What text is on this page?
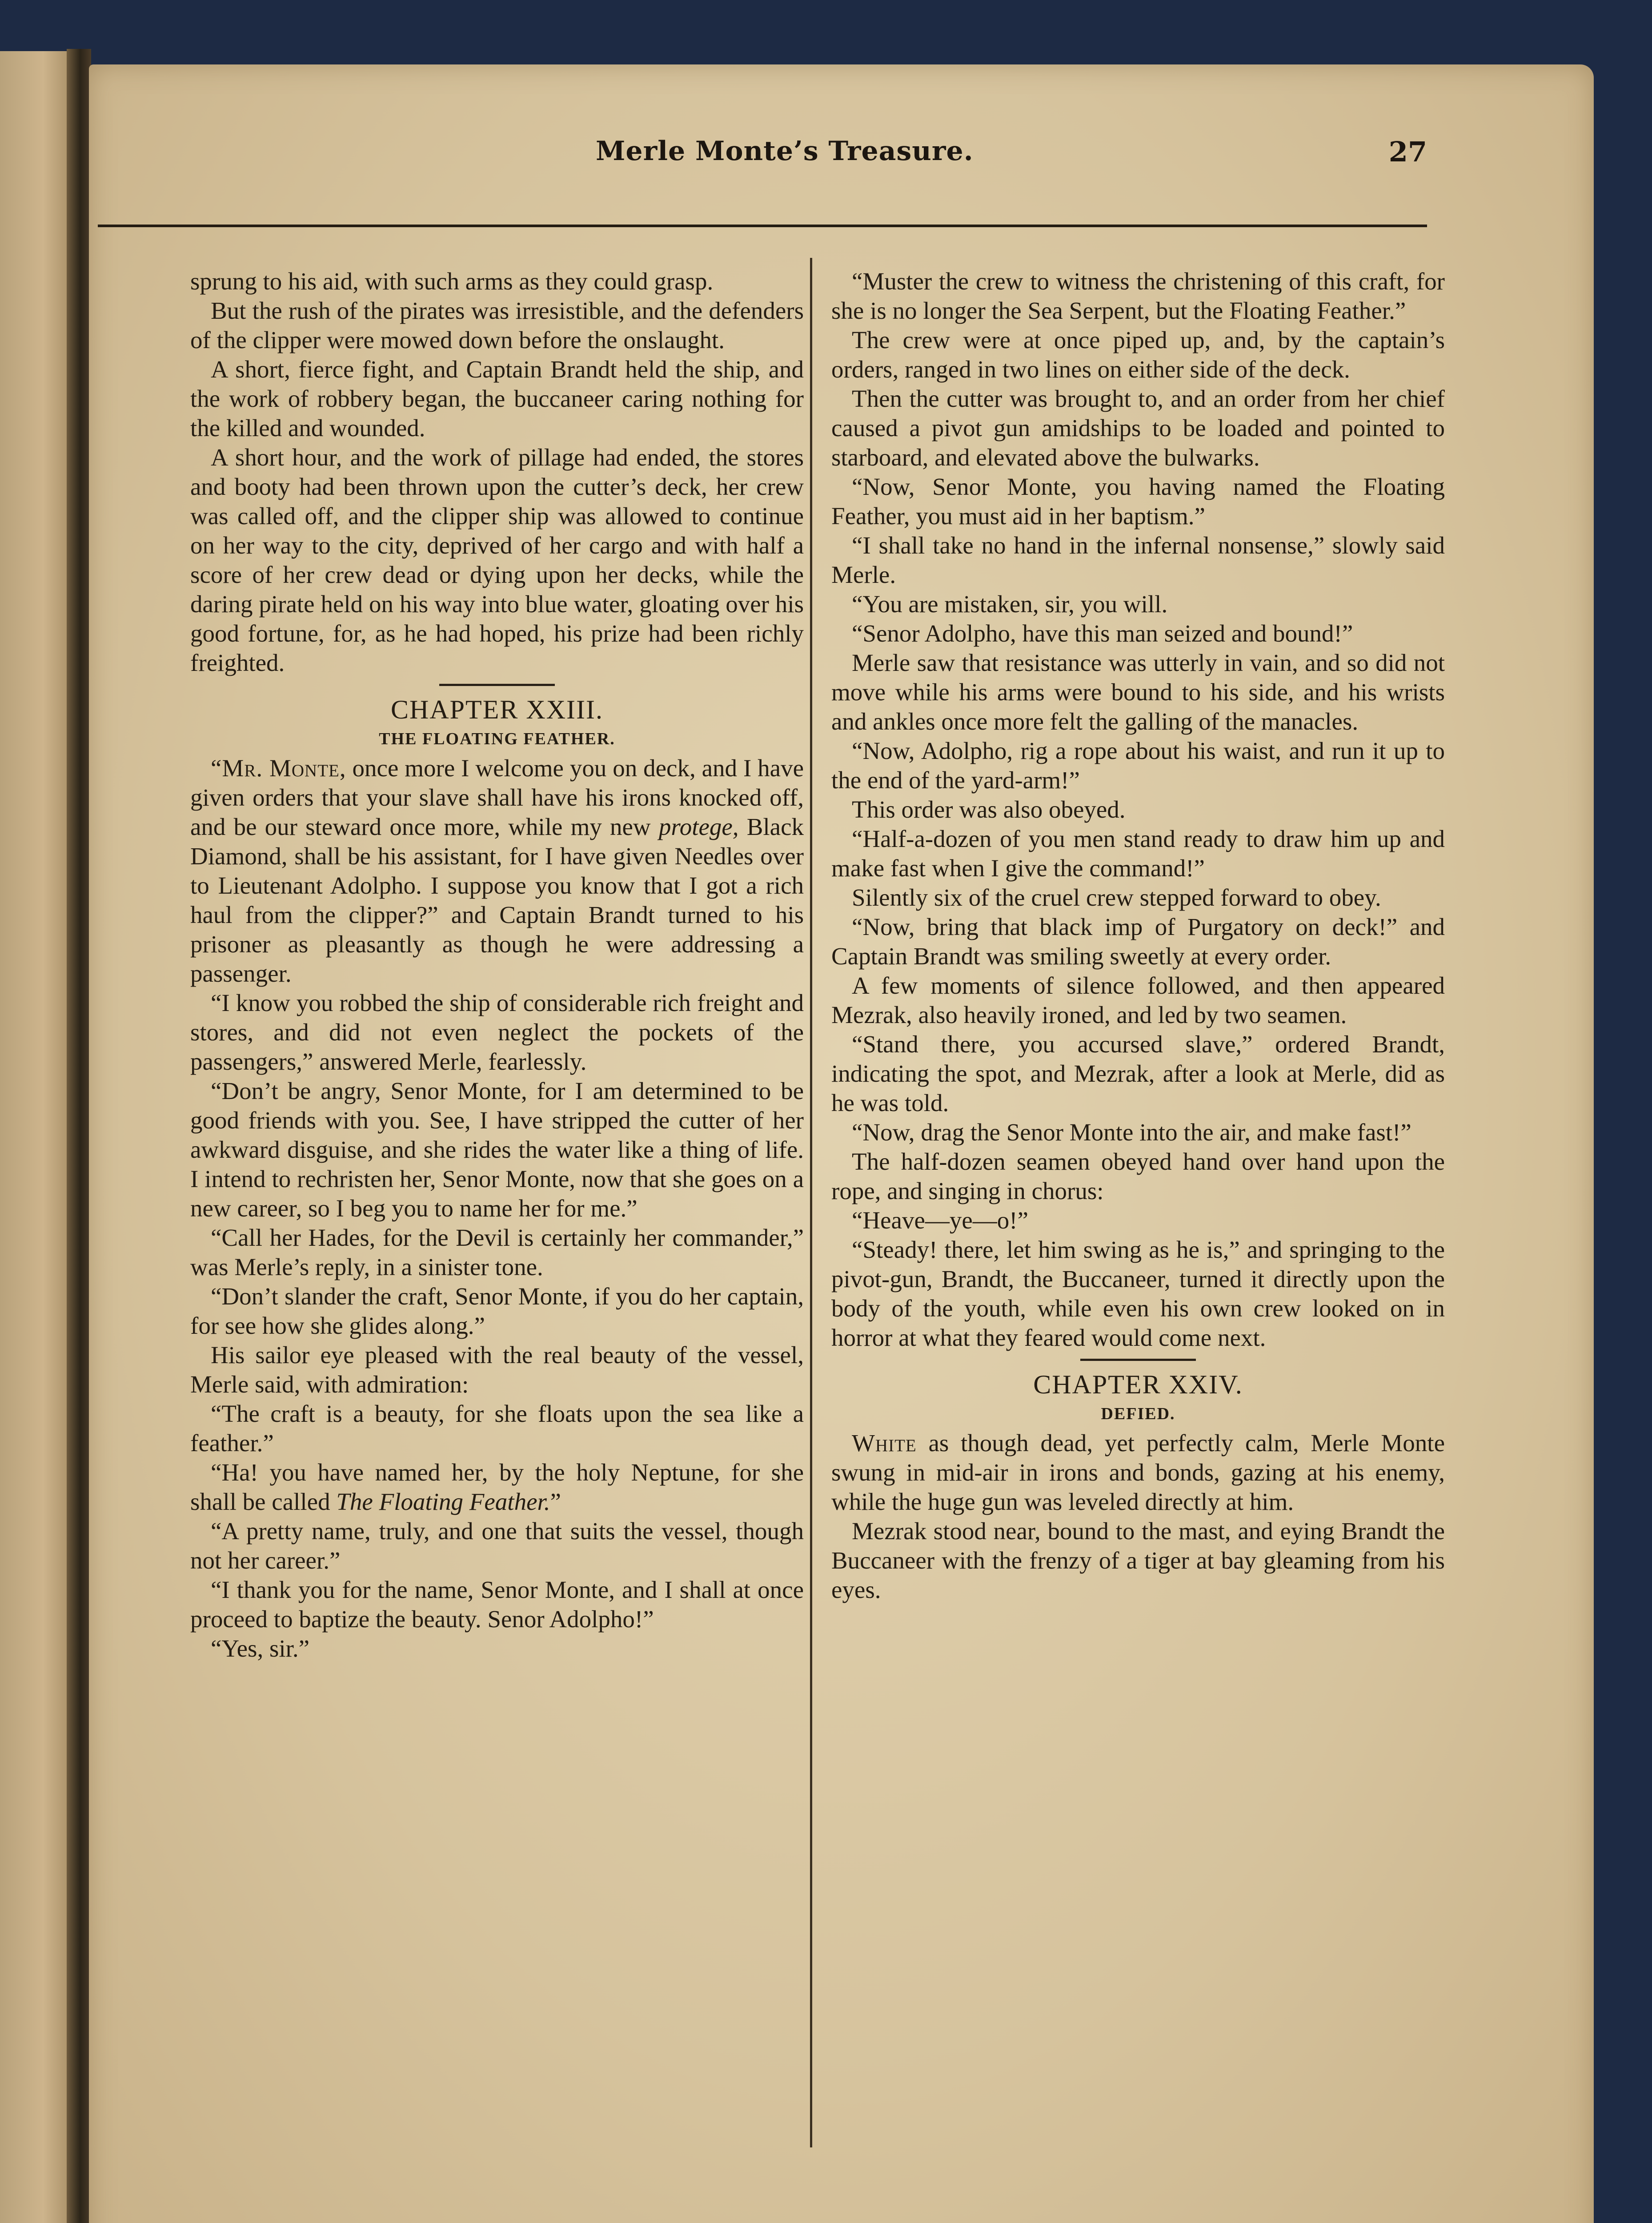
Merle Monte’s Treasure.	27

sprung to his aid, with such arms as they could grasp.

But the rush of the pirates was irresistible, and the defenders of the clipper were mowed down before the onslaught.

A short, fierce fight, and Captain Brandt held the ship, and the work of robbery began, the buccaneer caring nothing for the killed and wounded.

A short hour, and the work of pillage had ended, the stores and booty had been thrown upon the cutter’s deck, her crew was called off, and the clipper ship was allowed to continue on her way to the city, deprived of her cargo and with half a score of her crew dead or dying upon her decks, while the daring pirate held on his way into blue water, gloating over his good fortune, for, as he had hoped, his prize had been richly freighted.

CHAPTER XXIII.

THE FLOATING FEATHER.

“Mr. Monte, once more I welcome you on deck, and I have given orders that your slave shall have his irons knocked off, and be our steward once more, while my new protege, Black Diamond, shall be his assistant, for I have given Needles over to Lieutenant Adolpho. I suppose you know that I got a rich haul from the clipper?” and Captain Brandt turned to his prisoner as pleasantly as though he were addressing a passenger.

“I know you robbed the ship of considerable rich freight and stores, and did not even neglect the pockets of the passengers,” answered Merle, fearlessly.

“Don’t be angry, Senor Monte, for I am determined to be good friends with you. See, I have stripped the cutter of her awkward disguise, and she rides the water like a thing of life. I intend to rechristen her, Senor Monte, now that she goes on a new career, so I beg you to name her for me.”

“Call her Hades, for the Devil is certainly her commander,” was Merle’s reply, in a sinister tone.

“Don’t slander the craft, Senor Monte, if you do her captain, for see how she glides along.”

His sailor eye pleased with the real beauty of the vessel, Merle said, with admiration:

“The craft is a beauty, for she floats upon the sea like a feather.”

“Ha! you have named her, by the holy Neptune, for she shall be called The Floating Feather.”

“A pretty name, truly, and one that suits the vessel, though not her career.”

“I thank you for the name, Senor Monte, and I shall at once proceed to baptize the beauty. Senor Adolpho!”

“Yes, sir.”

“Muster the crew to witness the christening of this craft, for she is no longer the Sea Serpent, but the Floating Feather.”

The crew were at once piped up, and, by the captain’s orders, ranged in two lines on either side of the deck.

Then the cutter was brought to, and an order from her chief caused a pivot gun amidships to be loaded and pointed to starboard, and elevated above the bulwarks.

“Now, Senor Monte, you having named the Floating Feather, you must aid in her baptism.”

“I shall take no hand in the infernal nonsense,” slowly said Merle.

“You are mistaken, sir, you will.

“Senor Adolpho, have this man seized and bound!”

Merle saw that resistance was utterly in vain, and so did not move while his arms were bound to his side, and his wrists and ankles once more felt the galling of the manacles.

“Now, Adolpho, rig a rope about his waist, and run it up to the end of the yard-arm!”

This order was also obeyed.

“Half-a-dozen of you men stand ready to draw him up and make fast when I give the command!”

Silently six of the cruel crew stepped forward to obey.

“Now, bring that black imp of Purgatory on deck!” and Captain Brandt was smiling sweetly at every order.

A few moments of silence followed, and then appeared Mezrak, also heavily ironed, and led by two seamen.

“Stand there, you accursed slave,” ordered Brandt, indicating the spot, and Mezrak, after a look at Merle, did as he was told.

“Now, drag the Senor Monte into the air, and make fast!”

The half-dozen seamen obeyed hand over hand upon the rope, and singing in chorus:

“Heave—ye—o!”

“Steady! there, let him swing as he is,” and springing to the pivot-gun, Brandt, the Buccaneer, turned it directly upon the body of the youth, while even his own crew looked on in horror at what they feared would come next.

CHAPTER XXIV.

DEFIED.

White as though dead, yet perfectly calm, Merle Monte swung in mid-air in irons and bonds, gazing at his enemy, while the huge gun was leveled directly at him.

Mezrak stood near, bound to the mast, and eying Brandt the Buccaneer with the frenzy of a tiger at bay gleaming from his eyes.
